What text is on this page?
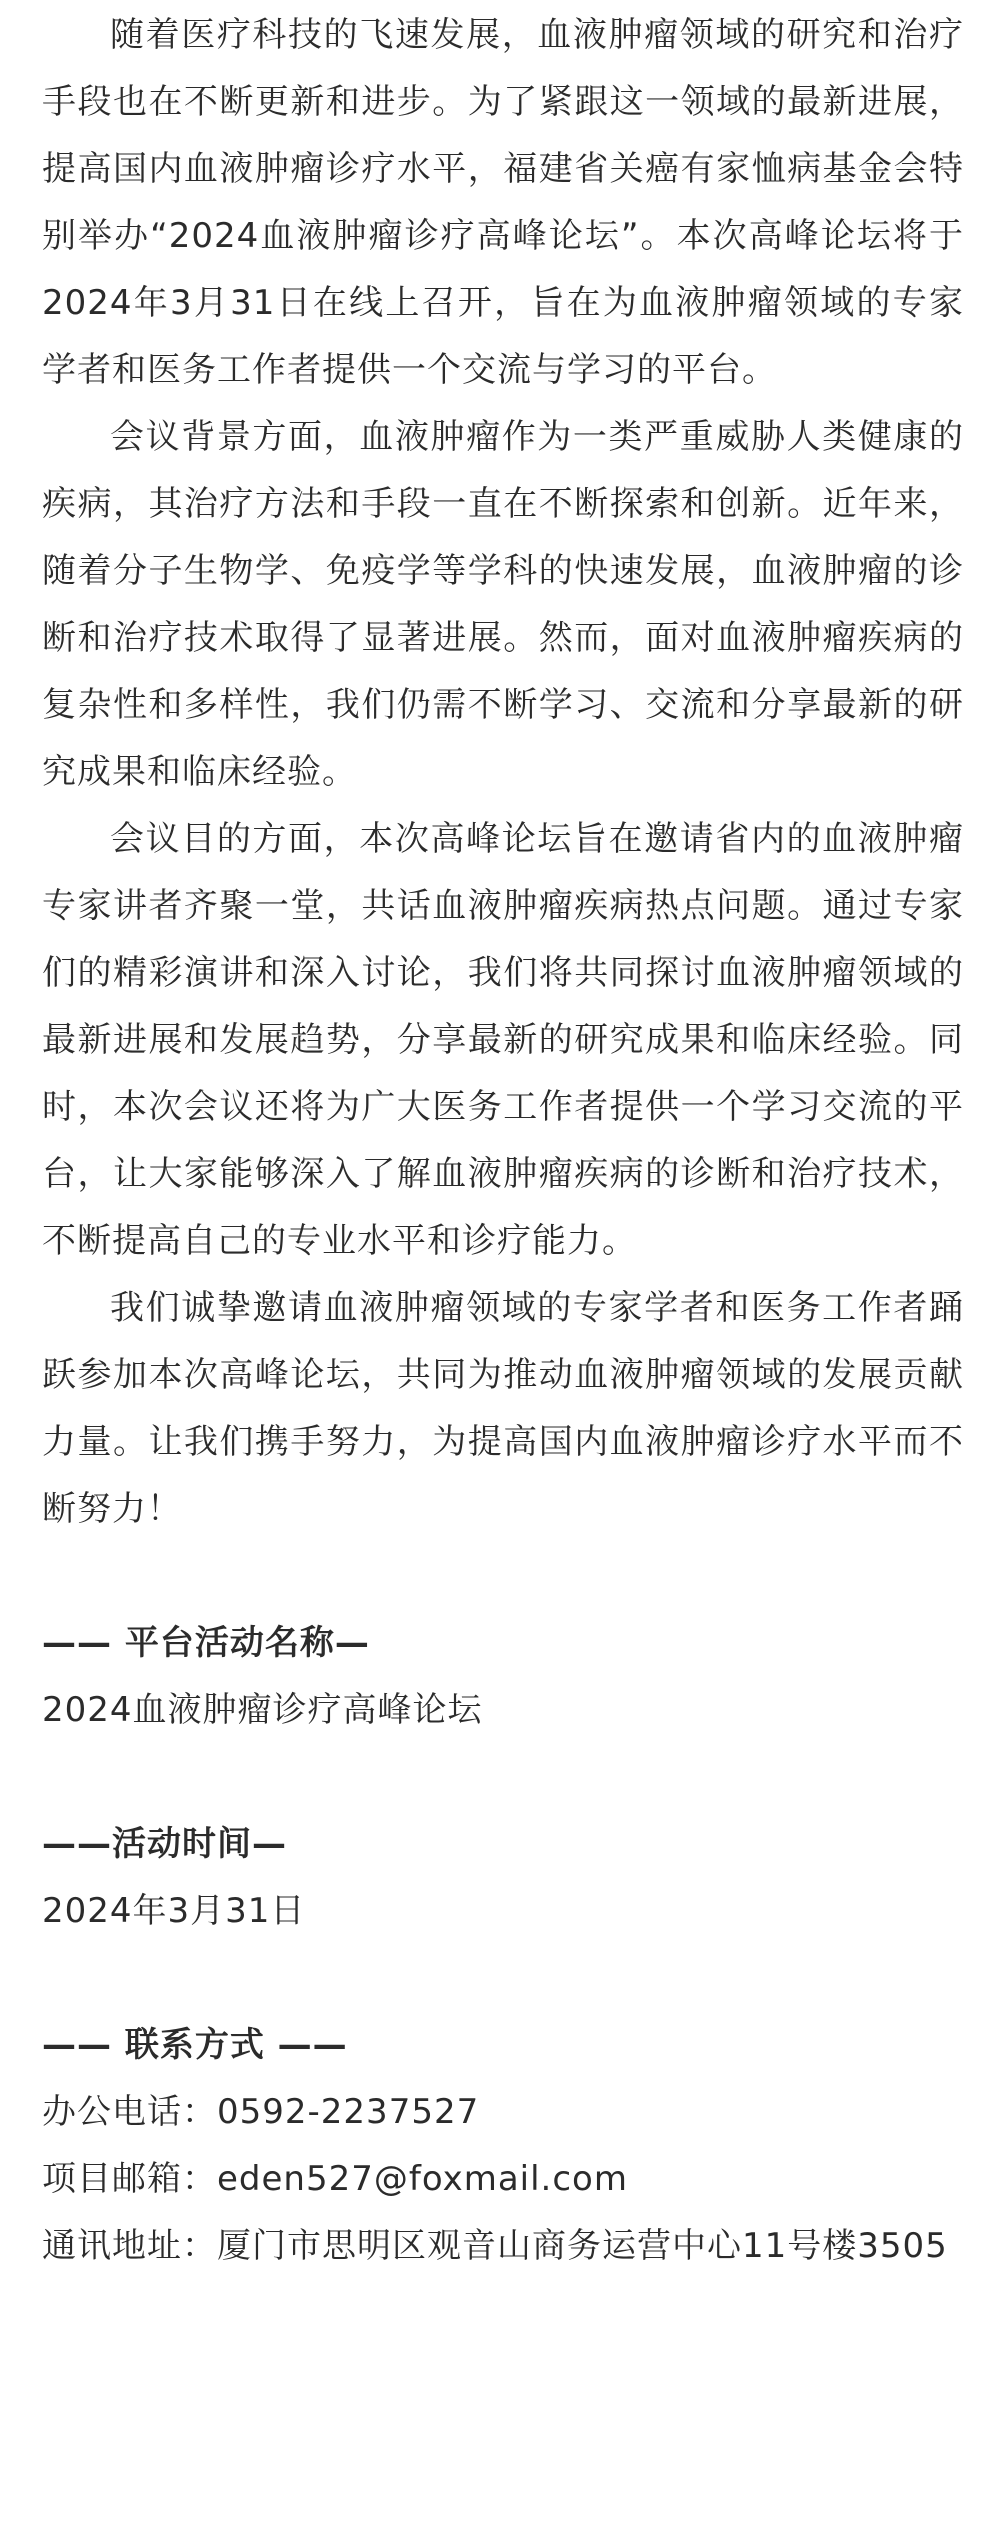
随着医疗科技的飞速发展，血液肿瘤领域的研究和治疗手段也在不断更新和进步。为了紧跟这一领域的最新进展，提高国内血液肿瘤诊疗水平，福建省关癌有家恤病基金会特别举办“2024血液肿瘤诊疗高峰论坛”。本次高峰论坛将于2024年3月31日在线上召开，旨在为血液肿瘤领域的专家学者和医务工作者提供一个交流与学习的平台。

会议背景方面，血液肿瘤作为一类严重威胁人类健康的疾病，其治疗方法和手段一直在不断探索和创新。近年来，随着分子生物学、免疫学等学科的快速发展，血液肿瘤的诊断和治疗技术取得了显著进展。然而，面对血液肿瘤疾病的复杂性和多样性，我们仍需不断学习、交流和分享最新的研究成果和临床经验。

会议目的方面，本次高峰论坛旨在邀请省内的血液肿瘤专家讲者齐聚一堂，共话血液肿瘤疾病热点问题。通过专家们的精彩演讲和深入讨论，我们将共同探讨血液肿瘤领域的最新进展和发展趋势，分享最新的研究成果和临床经验。同时，本次会议还将为广大医务工作者提供一个学习交流的平台，让大家能够深入了解血液肿瘤疾病的诊断和治疗技术，不断提高自己的专业水平和诊疗能力。

我们诚挚邀请血液肿瘤领域的专家学者和医务工作者踊跃参加本次高峰论坛，共同为推动血液肿瘤领域的发展贡献力量。让我们携手努力，为提高国内血液肿瘤诊疗水平而不断努力！

—— 平台活动名称—

2024血液肿瘤诊疗高峰论坛

——活动时间—

2024年3月31日

—— 联系方式 ——

办公电话：0592-2237527

项目邮箱：eden527@foxmail.com

通讯地址：厦门市思明区观音山商务运营中心11号楼3505
